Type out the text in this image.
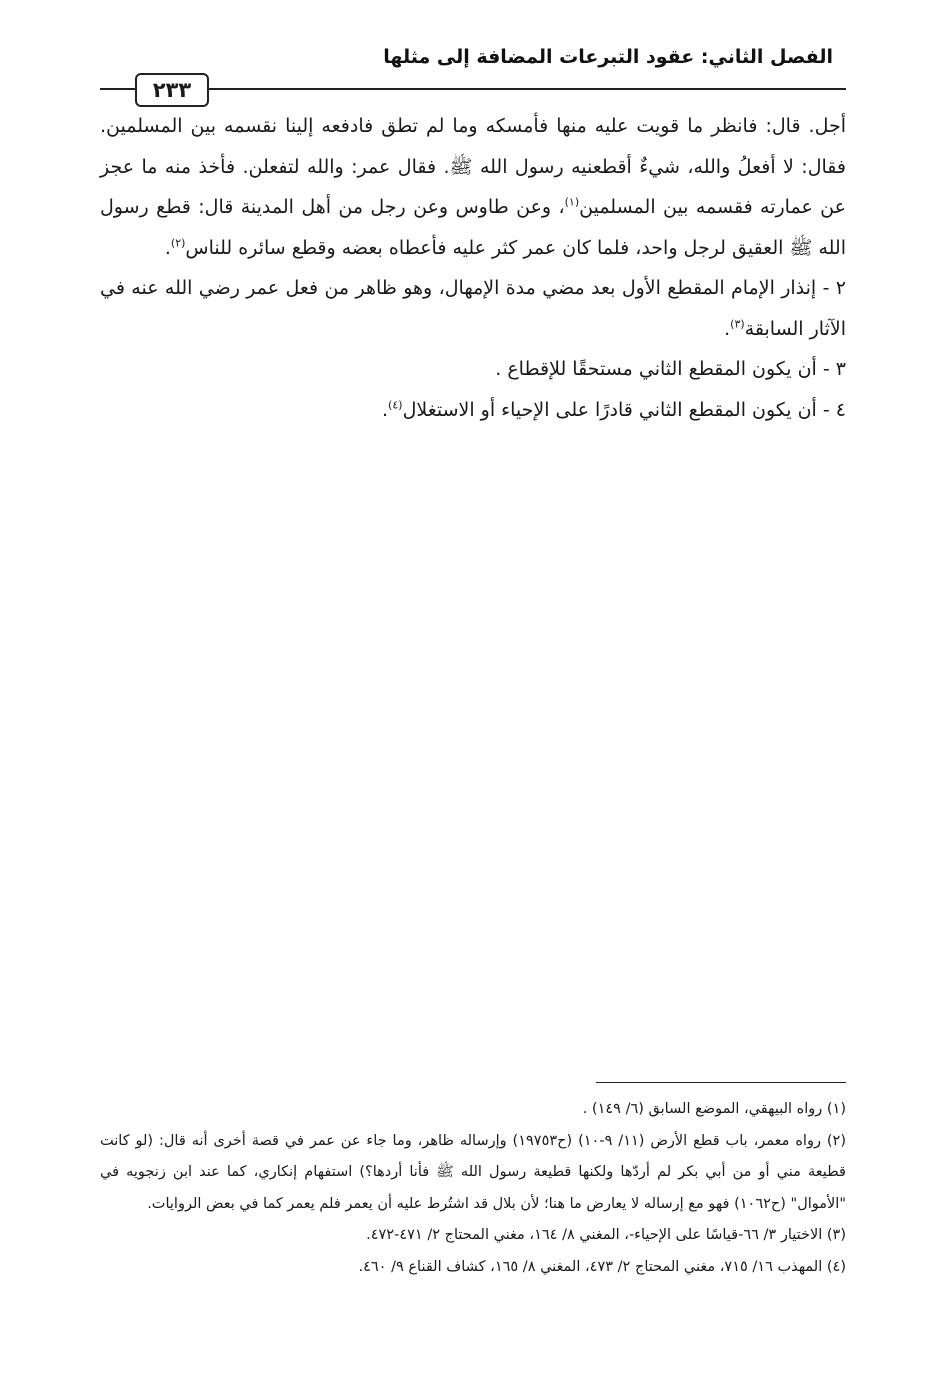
الفصل الثاني: عقود التبرعات المضافة إلى مثلها
٢٣٣

أجل. قال: فانظر ما قويت عليه منها فأمسكه وما لم تطق فادفعه إلينا نقسمه بين المسلمين. فقال: لا أفعلُ والله، شيءٌ أقطعنيه رسول الله ﷺ. فقال عمر: والله لتفعلن. فأخذ منه ما عجز عن عمارته فقسمه بين المسلمين$^{(١)}$، وعن طاوس وعن رجل من أهل المدينة قال: قطع رسول الله ﷺ العقيق لرجل واحد، فلما كان عمر كثر عليه فأعطاه بعضه وقطع سائره للناس$^{(٢)}$.

٢ - إنذار الإمام المقطع الأول بعد مضي مدة الإمهال، وهو ظاهر من فعل عمر رضي الله عنه في الآثار السابقة$^{(٣)}$.

٣ - أن يكون المقطع الثاني مستحقًا للإقطاع .

٤ - أن يكون المقطع الثاني قادرًا على الإحياء أو الاستغلال$^{(٤)}$.

(١) رواه البيهقي، الموضع السابق (٦/ ١٤٩) .

(٢) رواه معمر، باب قطع الأرض (١١/ ٩-١٠) (ح١٩٧٥٣) وإرساله ظاهر، وما جاء عن عمر في قصة أخرى أنه قال: (لو كانت قطيعة مني أو من أبي بكر لم أردّها ولكنها قطيعة رسول الله ﷺ فأنا أردها؟) استفهام إنكاري، كما عند ابن زنجويه في "الأموال" (ح١٠٦٢) فهو مع إرساله لا يعارض ما هنا؛ لأن بلال قد اشتُرط عليه أن يعمر فلم يعمر كما في بعض الروايات.

(٣) الاختيار ٣/ ٦٦-قياسًا على الإحياء-، المغني ٨/ ١٦٤، مغني المحتاج ٢/ ٤٧١-٤٧٢.

(٤) المهذب ١٦/ ٧١٥، مغني المحتاج ٢/ ٤٧٣، المغني ٨/ ١٦٥، كشاف القناع ٩/ ٤٦٠.
